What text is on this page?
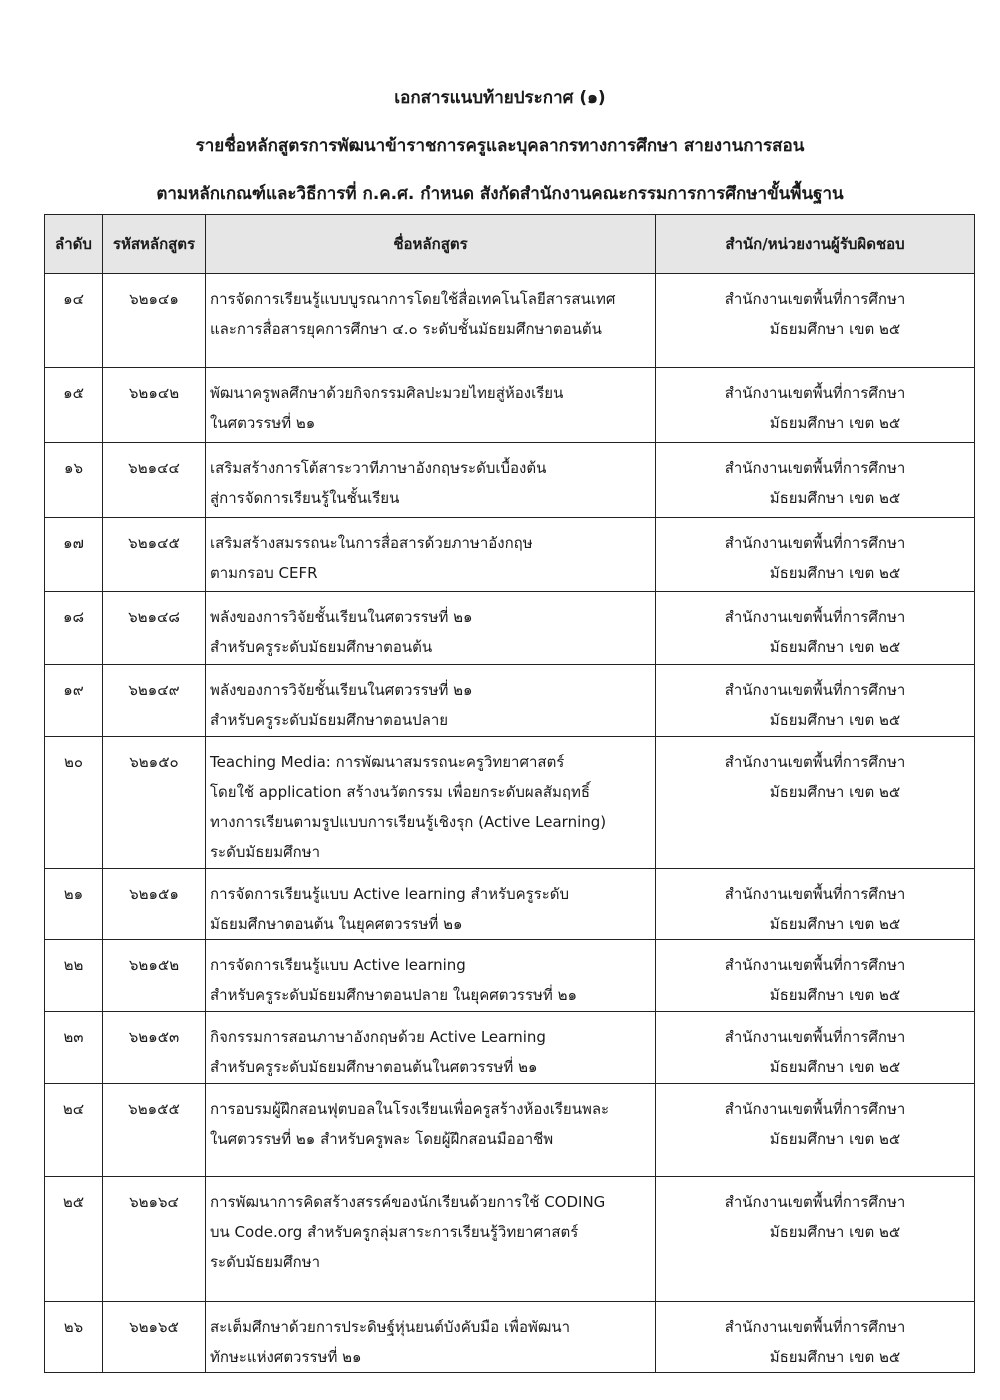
เอกสารแนบท้ายประกาศ (๑)
รายชื่อหลักสูตรการพัฒนาข้าราชการครูและบุคลากรทางการศึกษา สายงานการสอน
ตามหลักเกณฑ์และวิธีการที่ ก.ค.ศ. กำหนด สังกัดสำนักงานคณะกรรมการการศึกษาขั้นพื้นฐาน
ลำดับ	รหัสหลักสูตร	ชื่อหลักสูตร	สำนัก/หน่วยงานผู้รับผิดชอบ
๑๔	๖๒๑๔๑	การจัดการเรียนรู้แบบบูรณาการโดยใช้สื่อเทคโนโลยีสารสนเทศ
และการสื่อสารยุคการศึกษา ๔.๐ ระดับชั้นมัธยมศึกษาตอนต้น	สำนักงานเขตพื้นที่การศึกษา
มัธยมศึกษา เขต ๒๕

๑๕	๖๒๑๔๒	พัฒนาครูพลศึกษาด้วยกิจกรรมศิลปะมวยไทยสู่ห้องเรียน
ในศตวรรษที่ ๒๑	สำนักงานเขตพื้นที่การศึกษา
มัธยมศึกษา เขต ๒๕

๑๖	๖๒๑๔๔	เสริมสร้างการโต้สาระวาทีภาษาอังกฤษระดับเบื้องต้น
สู่การจัดการเรียนรู้ในชั้นเรียน	สำนักงานเขตพื้นที่การศึกษา
มัธยมศึกษา เขต ๒๕

๑๗	๖๒๑๔๕	เสริมสร้างสมรรถนะในการสื่อสารด้วยภาษาอังกฤษ
ตามกรอบ CEFR	สำนักงานเขตพื้นที่การศึกษา
มัธยมศึกษา เขต ๒๕

๑๘	๖๒๑๔๘	พลังของการวิจัยชั้นเรียนในศตวรรษที่ ๒๑
สำหรับครูระดับมัธยมศึกษาตอนต้น	สำนักงานเขตพื้นที่การศึกษา
มัธยมศึกษา เขต ๒๕

๑๙	๖๒๑๔๙	พลังของการวิจัยชั้นเรียนในศตวรรษที่ ๒๑
สำหรับครูระดับมัธยมศึกษาตอนปลาย	สำนักงานเขตพื้นที่การศึกษา
มัธยมศึกษา เขต ๒๕

๒๐	๖๒๑๕๐	Teaching Media: การพัฒนาสมรรถนะครูวิทยาศาสตร์
โดยใช้ application สร้างนวัตกรรม เพื่อยกระดับผลสัมฤทธิ์
ทางการเรียนตามรูปแบบการเรียนรู้เชิงรุก (Active Learning)
ระดับมัธยมศึกษา	สำนักงานเขตพื้นที่การศึกษา
มัธยมศึกษา เขต ๒๕

๒๑	๖๒๑๕๑	การจัดการเรียนรู้แบบ Active learning สำหรับครูระดับ
มัธยมศึกษาตอนต้น ในยุคศตวรรษที่ ๒๑	สำนักงานเขตพื้นที่การศึกษา
มัธยมศึกษา เขต ๒๕

๒๒	๖๒๑๕๒	การจัดการเรียนรู้แบบ Active learning
สำหรับครูระดับมัธยมศึกษาตอนปลาย ในยุคศตวรรษที่ ๒๑	สำนักงานเขตพื้นที่การศึกษา
มัธยมศึกษา เขต ๒๕

๒๓	๖๒๑๕๓	กิจกรรมการสอนภาษาอังกฤษด้วย Active Learning
สำหรับครูระดับมัธยมศึกษาตอนต้นในศตวรรษที่ ๒๑	สำนักงานเขตพื้นที่การศึกษา
มัธยมศึกษา เขต ๒๕

๒๔	๖๒๑๕๕	การอบรมผู้ฝึกสอนฟุตบอลในโรงเรียนเพื่อครูสร้างห้องเรียนพละ
ในศตวรรษที่ ๒๑ สำหรับครูพละ โดยผู้ฝึกสอนมืออาชีพ	สำนักงานเขตพื้นที่การศึกษา
มัธยมศึกษา เขต ๒๕

๒๕	๖๒๑๖๔	การพัฒนาการคิดสร้างสรรค์ของนักเรียนด้วยการใช้ CODING
บน Code.org สำหรับครูกลุ่มสาระการเรียนรู้วิทยาศาสตร์
ระดับมัธยมศึกษา	สำนักงานเขตพื้นที่การศึกษา
มัธยมศึกษา เขต ๒๕

๒๖	๖๒๑๖๕	สะเต็มศึกษาด้วยการประดิษฐ์หุ่นยนต์บังคับมือ เพื่อพัฒนา
ทักษะแห่งศตวรรษที่ ๒๑	สำนักงานเขตพื้นที่การศึกษา
มัธยมศึกษา เขต ๒๕
